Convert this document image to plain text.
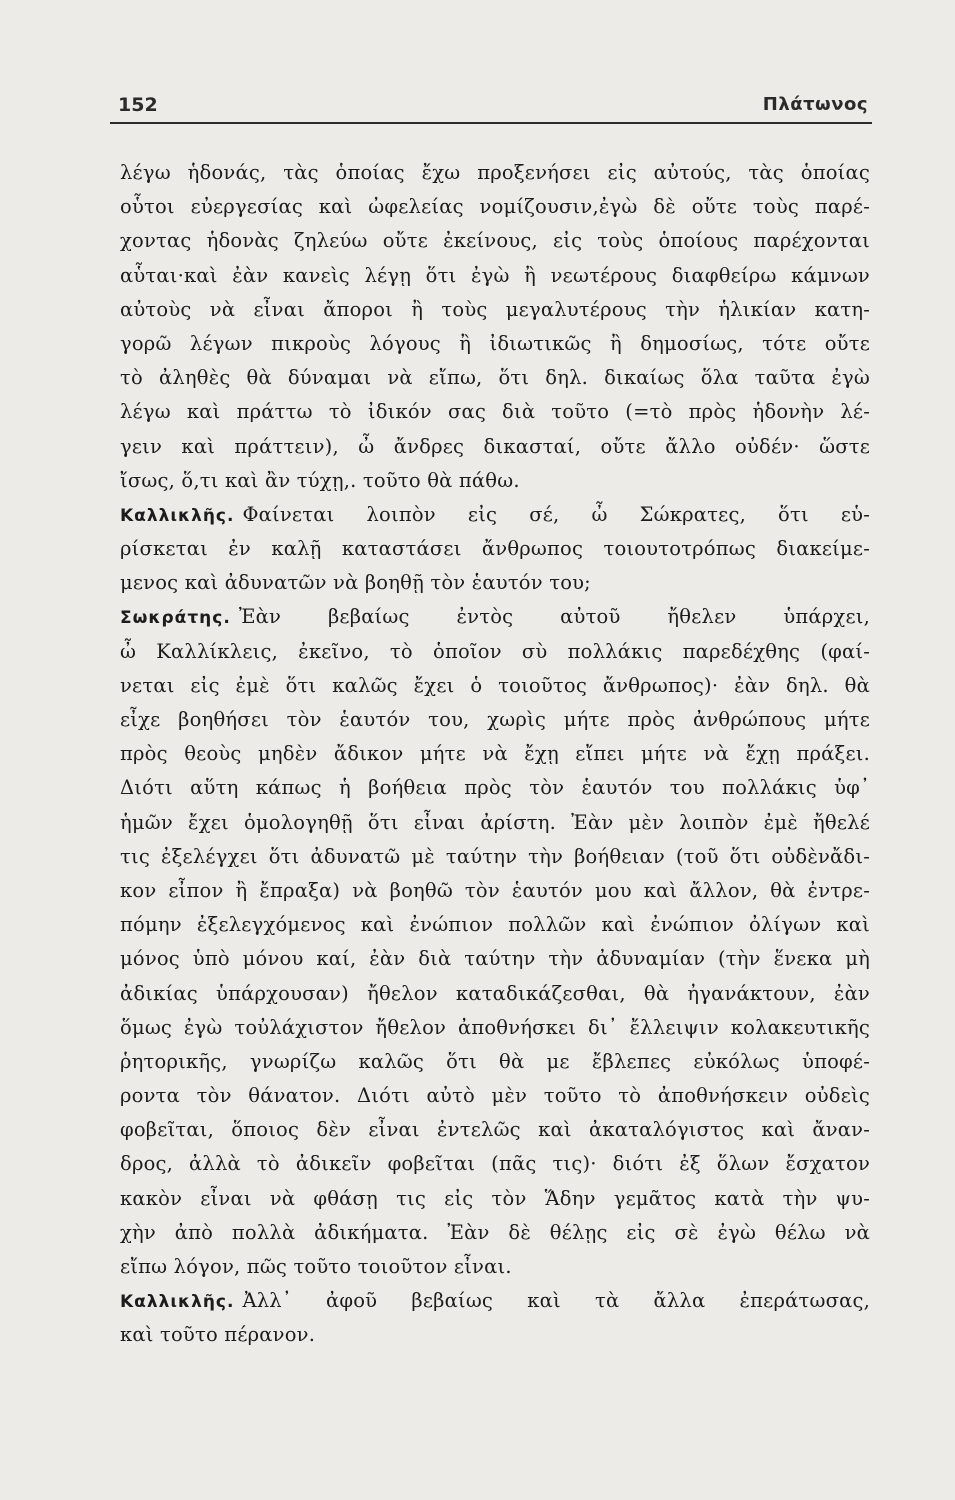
152	Πλάτωνος
λέγω ἡδονάς, τὰς ὁποίας ἔχω προξενήσει εἰς αὐτούς, τὰς ὁποίας
οὗτοι εὐεργεσίας καὶ ὠφελείας νομίζουσιν,ἐγὼ δὲ οὔτε τοὺς παρέ-
χοντας ἡδονὰς ζηλεύω οὔτε ἐκείνους, εἰς τοὺς ὁποίους παρέχονται
αὗται·καὶ ἐὰν κανεὶς λέγῃ ὅτι ἐγὼ ἢ νεωτέρους διαφθείρω κάμνων
αὐτοὺς νὰ εἶναι ἄποροι ἢ τοὺς μεγαλυτέρους τὴν ἡλικίαν κατη-
γορῶ λέγων πικροὺς λόγους ἢ ἰδιωτικῶς ἢ δημοσίως, τότε οὔτε
τὸ ἀληθὲς θὰ δύναμαι νὰ εἴπω, ὅτι δηλ. δικαίως ὅλα ταῦτα ἐγὼ
λέγω καὶ πράττω τὸ ἰδικόν σας διὰ τοῦτο (=τὸ πρὸς ἡδονὴν λέ-
γειν καὶ πράττειν), ὦ ἄνδρες δικασταί, οὔτε ἄλλο οὐδέν· ὥστε
ἴσως, ὅ,τι καὶ ἂν τύχῃ,. τοῦτο θὰ πάθω.
Καλλικλῆς. Φαίνεται λοιπὸν εἰς σέ, ὦ Σώκρατες, ὅτι εὑ-
ρίσκεται ἐν καλῇ καταστάσει ἄνθρωπος τοιουτοτρόπως διακείμε-
μενος καὶ ἀδυνατῶν νὰ βοηθῇ τὸν ἑαυτόν του;
Σωκράτης. Ἐὰν βεβαίως ἐντὸς αὐτοῦ ἤθελεν ὑπάρχει,
ὦ Καλλίκλεις, ἐκεῖνο, τὸ ὁποῖον σὺ πολλάκις παρεδέχθης (φαί-
νεται εἰς ἐμὲ ὅτι καλῶς ἔχει ὁ τοιοῦτος ἄνθρωπος)· ἐὰν δηλ. θὰ
εἶχε βοηθήσει τὸν ἑαυτόν του, χωρὶς μήτε πρὸς ἀνθρώπους μήτε
πρὸς θεοὺς μηδὲν ἄδικον μήτε νὰ ἔχῃ εἴπει μήτε νὰ ἔχῃ πράξει.
Διότι αὕτη κάπως ἡ βοήθεια πρὸς τὸν ἑαυτόν του πολλάκις ὑφ᾽
ἡμῶν ἔχει ὁμολογηθῇ ὅτι εἶναι ἀρίστη. Ἐὰν μὲν λοιπὸν ἐμὲ ἤθελέ
τις ἐξελέγχει ὅτι ἀδυνατῶ μὲ ταύτην τὴν βοήθειαν (τοῦ ὅτι οὐδὲνἄδι-
κον εἶπον ἢ ἔπραξα) νὰ βοηθῶ τὸν ἑαυτόν μου καὶ ἄλλον, θὰ ἐντρε-
πόμην ἐξελεγχόμενος καὶ ἐνώπιον πολλῶν καὶ ἐνώπιον ὀλίγων καὶ
μόνος ὑπὸ μόνου καί, ἐὰν διὰ ταύτην τὴν ἀδυναμίαν (τὴν ἕνεκα μὴ
ἀδικίας ὑπάρχουσαν) ἤθελον καταδικάζεσθαι, θὰ ἠγανάκτουν, ἐὰν
ὅμως ἐγὼ τοὐλάχιστον ἤθελον ἀποθνήσκει δι᾽ ἔλλειψιν κολακευτικῆς
ῥητορικῆς, γνωρίζω καλῶς ὅτι θὰ με ἔβλεπες εὐκόλως ὑποφέ-
ροντα τὸν θάνατον. Διότι αὐτὸ μὲν τοῦτο τὸ ἀποθνήσκειν οὐδεὶς
φοβεῖται, ὅποιος δὲν εἶναι ἐντελῶς καὶ ἀκαταλόγιστος καὶ ἄναν-
δρος, ἀλλὰ τὸ ἀδικεῖν φοβεῖται (πᾶς τις)· διότι ἐξ ὅλων ἔσχατον
κακὸν εἶναι νὰ φθάσῃ τις εἰς τὸν Ἅδην γεμᾶτος κατὰ τὴν ψυ-
χὴν ἀπὸ πολλὰ ἀδικήματα. Ἐὰν δὲ θέλῃς εἰς σὲ ἐγὼ θέλω νὰ
εἴπω λόγον, πῶς τοῦτο τοιοῦτον εἶναι.
Καλλικλῆς. Ἀλλ᾽ ἀφοῦ βεβαίως καὶ τὰ ἄλλα ἐπεράτωσας,
καὶ τοῦτο πέρανον.
